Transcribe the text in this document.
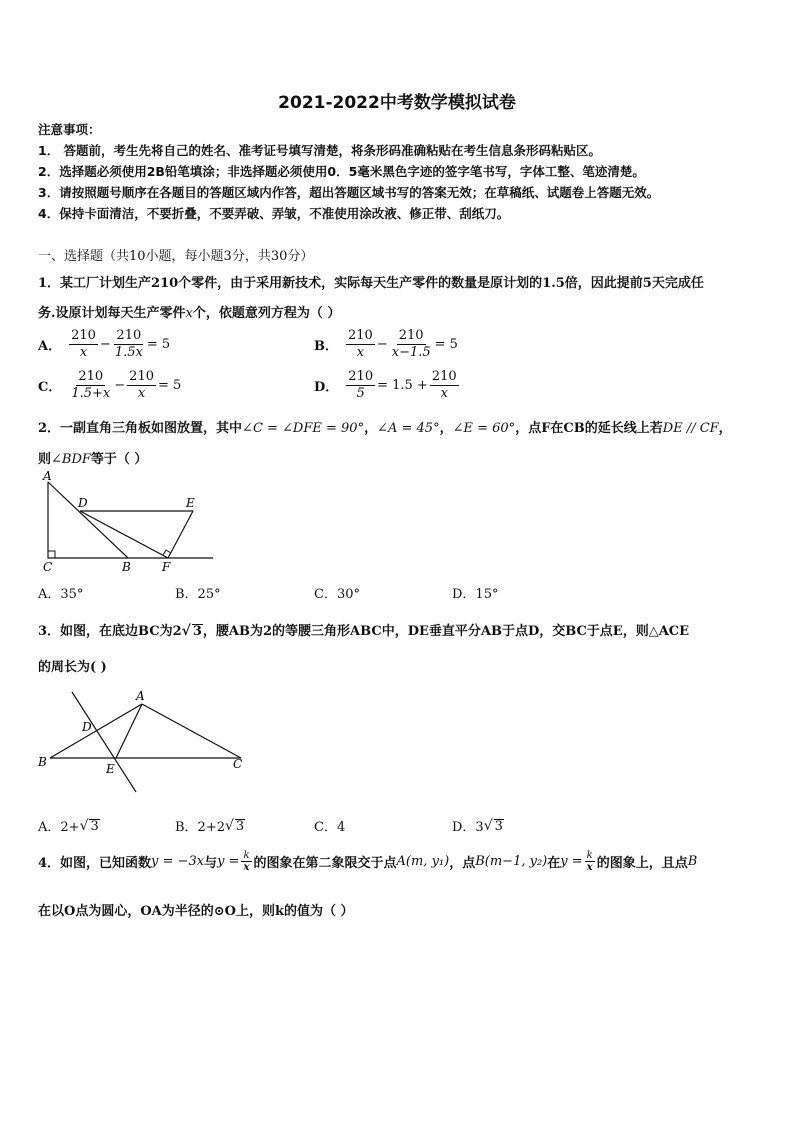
2021-2022中考数学模拟试卷
注意事项：
1． 答题前，考生先将自己的姓名、准考证号填写清楚，将条形码准确粘贴在考生信息条形码粘贴区。
2．选择题必须使用2B铅笔填涂；非选择题必须使用0．5毫米黑色字迹的签字笔书写，字体工整、笔迹清楚。
3．请按照题号顺序在各题目的答题区域内作答，超出答题区域书写的答案无效；在草稿纸、试题卷上答题无效。
4．保持卡面清洁，不要折叠，不要弄破、弄皱，不准使用涂改液、修正带、刮纸刀。
一、选择题（共10小题，每小题3分，共30分）
1．某工厂计划生产210个零件，由于采用新技术，实际每天生产零件的数量是原计划的1.5倍，因此提前5天完成任
务.设原计划每天生产零件x个，依题意列方程为（ ）
A． $\frac{210}{x} - \frac{210}{1.5x} = 5$	B． $\frac{210}{x} - \frac{210}{x-1.5} = 5$
C． $\frac{210}{1.5+x} - \frac{210}{x} = 5$	D． $\frac{210}{5} = 1.5 + \frac{210}{x}$
2．一副直角三角板如图放置，其中∠C = ∠DFE = 90°，∠A = 45°，∠E = 60°，点F在CB的延长线上若DE // CF，
则∠BDF等于（ ）
A
C	B
D	E
F
A．35°	B．25°	C．30°	D．15°
3．如图，在底边BC为2√ 3，腰AB为2的等腰三角形ABC中，DE垂直平分AB于点D，交BC于点E，则△ACE
的周长为( )
A
B	C
D
E
A．2+ √ 3	B．2+2 √ 3	C．4	D．3 √ 3
4．如图，已知函数 y = −3x 与 $y = \frac{k}{x}$ 的图象在第二象限交于点 A(m, y₁) ，点 B(m−1, y₂) 在 $y = \frac{k}{x}$ 的图象上，且点 B
在以O点为圆心，OA为半径的⊙O上，则k的值为（ ）
